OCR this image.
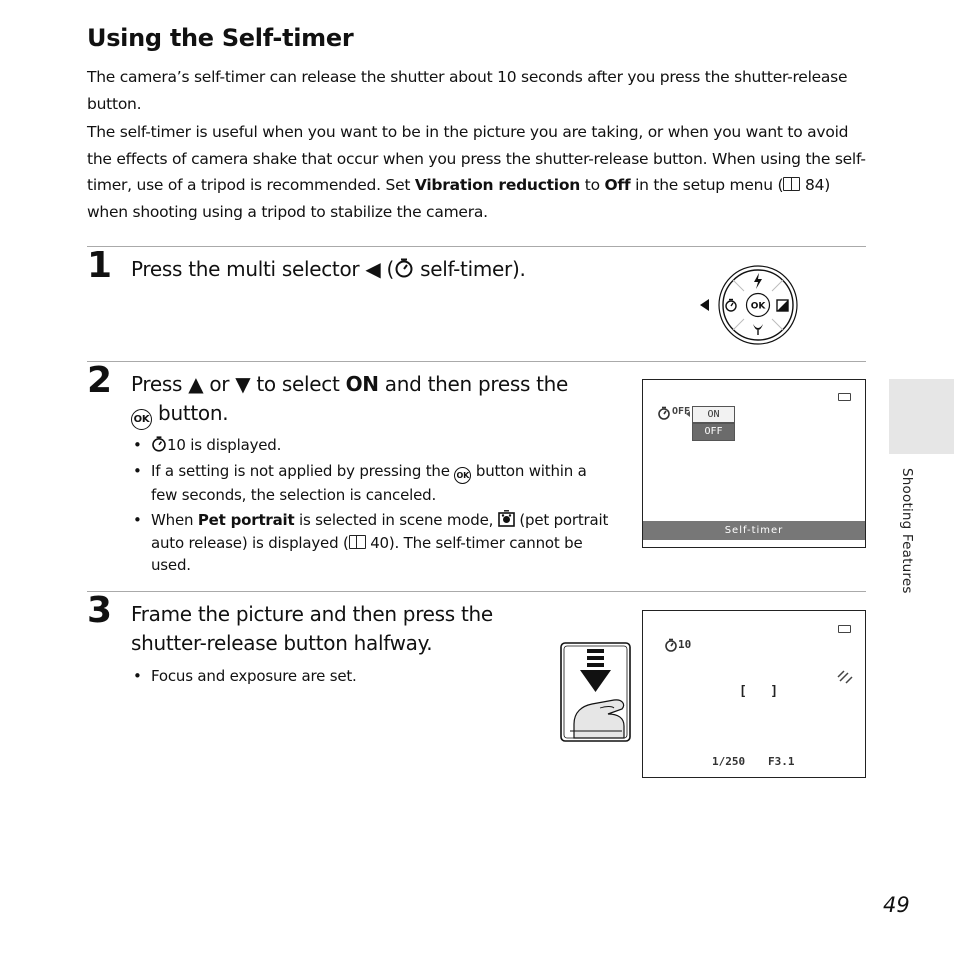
Using the Self-timer

The camera’s self-timer can release the shutter about 10 seconds after you press the shutter-release button.

The self-timer is useful when you want to be in the picture you are taking, or when you want to avoid the effects of camera shake that occur when you press the shutter-release button. When using the self-timer, use of a tripod is recommended. Set Vibration reduction to Off in the setup menu ( 84) when shooting using a tripod to stabilize the camera.

1 Press the multi selector ◀ ( self-timer).
OK
2 Press ▲ or ▼ to select ON and then press the
OK button.
• 10 is displayed.
• If a setting is not applied by pressing the OK button within a few seconds, the selection is canceled.
• When Pet portrait is selected in scene mode,  (pet portrait auto release) is displayed ( 40). The self-timer cannot be used.
OFF	ON
OFF
Self-timer
3 Frame the picture and then press the shutter-release button halfway.
• Focus and exposure are set.
10
[   ]
1/250 F3.1
Shooting Features
49
